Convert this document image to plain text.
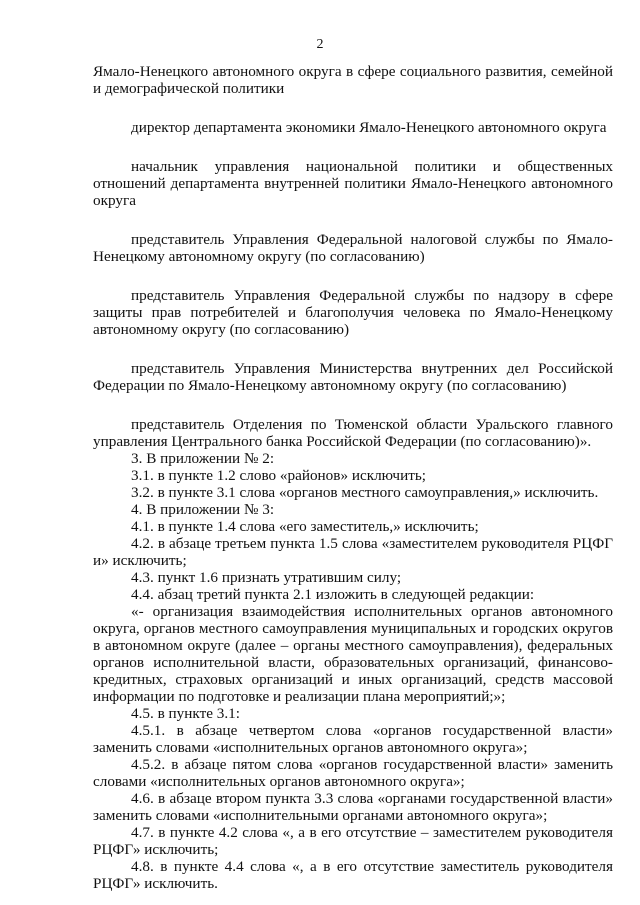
2

Ямало-Ненецкого автономного округа в сфере социального развития, семейной и демографической политики

директор департамента экономики Ямало-Ненецкого автономного округа

начальник управления национальной политики и общественных отношений департамента внутренней политики Ямало-Ненецкого автономного округа

представитель Управления Федеральной налоговой службы по Ямало-Ненецкому автономному округу (по согласованию)

представитель Управления Федеральной службы по надзору в сфере защиты прав потребителей и благополучия человека по Ямало-Ненецкому автономному округу (по согласованию)

представитель Управления Министерства внутренних дел Российской Федерации по Ямало-Ненецкому автономному округу (по согласованию)

представитель Отделения по Тюменской области Уральского главного управления Центрального банка Российской Федерации (по согласованию)».

3. В приложении № 2:

3.1. в пункте 1.2 слово «районов» исключить;

3.2. в пункте 3.1 слова «органов местного самоуправления,» исключить.

4. В приложении № 3:

4.1. в пункте 1.4 слова «его заместитель,» исключить;

4.2. в абзаце третьем пункта 1.5 слова «заместителем руководителя РЦФГ и» исключить;

4.3. пункт 1.6 признать утратившим силу;

4.4. абзац третий пункта 2.1 изложить в следующей редакции:

«- организация взаимодействия исполнительных органов автономного округа, органов местного самоуправления муниципальных и городских округов в автономном округе (далее – органы местного самоуправления), федеральных органов исполнительной власти, образовательных организаций, финансово-кредитных, страховых организаций и иных организаций, средств массовой информации по подготовке и реализации плана мероприятий;»;

4.5. в пункте 3.1:

4.5.1. в абзаце четвертом слова «органов государственной власти» заменить словами «исполнительных органов автономного округа»;

4.5.2. в абзаце пятом слова «органов государственной власти» заменить словами «исполнительных органов автономного округа»;

4.6. в абзаце втором пункта 3.3 слова «органами государственной власти» заменить словами «исполнительными органами автономного округа»;

4.7. в пункте 4.2 слова «, а в его отсутствие – заместителем руководителя РЦФГ» исключить;

4.8. в пункте 4.4 слова «, а в его отсутствие заместитель руководителя РЦФГ» исключить.
